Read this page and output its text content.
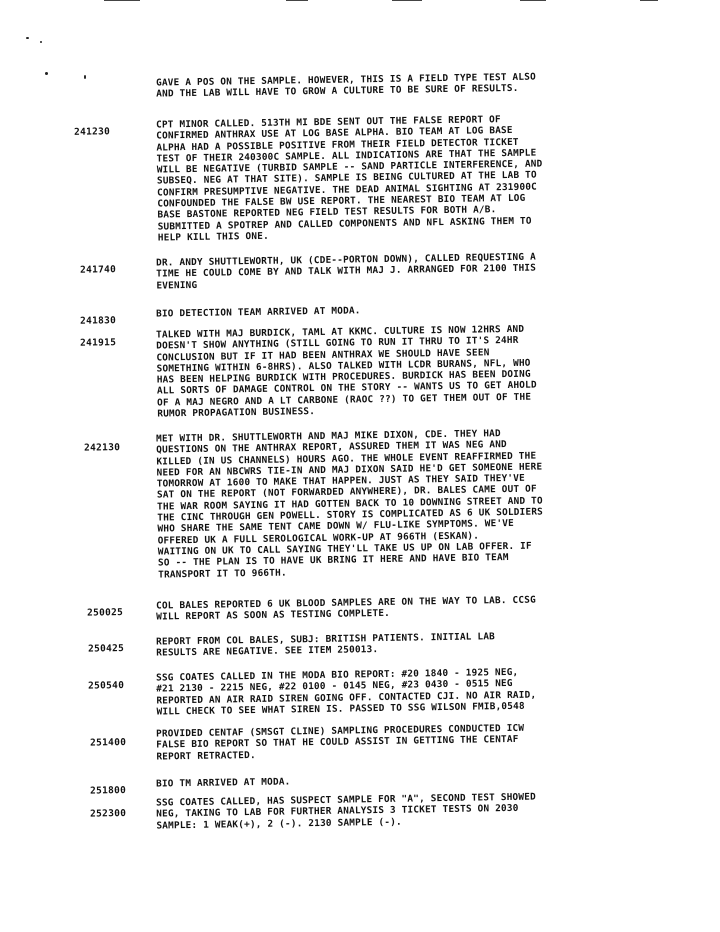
GAVE A POS ON THE SAMPLE. HOWEVER, THIS IS A FIELD TYPE TEST ALSO
AND THE LAB WILL HAVE TO GROW A CULTURE TO BE SURE OF RESULTS.
241230
CPT MINOR CALLED. 513TH MI BDE SENT OUT THE FALSE REPORT OF
CONFIRMED ANTHRAX USE AT LOG BASE ALPHA. BIO TEAM AT LOG BASE
ALPHA HAD A POSSIBLE POSITIVE FROM THEIR FIELD DETECTOR TICKET
TEST OF THEIR 240300C SAMPLE. ALL INDICATIONS ARE THAT THE SAMPLE
WILL BE NEGATIVE (TURBID SAMPLE -- SAND PARTICLE INTERFERENCE, AND
SUBSEQ. NEG AT THAT SITE). SAMPLE IS BEING CULTURED AT THE LAB TO
CONFIRM PRESUMPTIVE NEGATIVE. THE DEAD ANIMAL SIGHTING AT 231900C
CONFOUNDED THE FALSE BW USE REPORT. THE NEAREST BIO TEAM AT LOG
BASE BASTONE REPORTED NEG FIELD TEST RESULTS FOR BOTH A/B.
SUBMITTED A SPOTREP AND CALLED COMPONENTS AND NFL ASKING THEM TO
HELP KILL THIS ONE.
241740
DR. ANDY SHUTTLEWORTH, UK (CDE--PORTON DOWN), CALLED REQUESTING A
TIME HE COULD COME BY AND TALK WITH MAJ J. ARRANGED FOR 2100 THIS
EVENING
241830
BIO DETECTION TEAM ARRIVED AT MODA.
241915
TALKED WITH MAJ BURDICK, TAML AT KKMC. CULTURE IS NOW 12HRS AND
DOESN'T SHOW ANYTHING (STILL GOING TO RUN IT THRU TO IT'S 24HR
CONCLUSION BUT IF IT HAD BEEN ANTHRAX WE SHOULD HAVE SEEN
SOMETHING WITHIN 6-8HRS). ALSO TALKED WITH LCDR BURANS, NFL, WHO
HAS BEEN HELPING BURDICK WITH PROCEDURES. BURDICK HAS BEEN DOING
ALL SORTS OF DAMAGE CONTROL ON THE STORY -- WANTS US TO GET AHOLD
OF A MAJ NEGRO AND A LT CARBONE (RAOC ??) TO GET THEM OUT OF THE
RUMOR PROPAGATION BUSINESS.
242130
MET WITH DR. SHUTTLEWORTH AND MAJ MIKE DIXON, CDE. THEY HAD
QUESTIONS ON THE ANTHRAX REPORT, ASSURED THEM IT WAS NEG AND
KILLED (IN US CHANNELS) HOURS AGO. THE WHOLE EVENT REAFFIRMED THE
NEED FOR AN NBCWRS TIE-IN AND MAJ DIXON SAID HE'D GET SOMEONE HERE
TOMORROW AT 1600 TO MAKE THAT HAPPEN. JUST AS THEY SAID THEY'VE
SAT ON THE REPORT (NOT FORWARDED ANYWHERE), DR. BALES CAME OUT OF
THE WAR ROOM SAYING IT HAD GOTTEN BACK TO 10 DOWNING STREET AND TO
THE CINC THROUGH GEN POWELL. STORY IS COMPLICATED AS 6 UK SOLDIERS
WHO SHARE THE SAME TENT CAME DOWN W/ FLU-LIKE SYMPTOMS. WE'VE
OFFERED UK A FULL SEROLOGICAL WORK-UP AT 966TH (ESKAN).
WAITING ON UK TO CALL SAYING THEY'LL TAKE US UP ON LAB OFFER. IF
SO -- THE PLAN IS TO HAVE UK BRING IT HERE AND HAVE BIO TEAM
TRANSPORT IT TO 966TH.
250025
COL BALES REPORTED 6 UK BLOOD SAMPLES ARE ON THE WAY TO LAB. CCSG
WILL REPORT AS SOON AS TESTING COMPLETE.
250425
REPORT FROM COL BALES, SUBJ: BRITISH PATIENTS. INITIAL LAB
RESULTS ARE NEGATIVE. SEE ITEM 250013.
250540
SSG COATES CALLED IN THE MODA BIO REPORT: #20 1840 - 1925 NEG,
#21 2130 - 2215 NEG, #22 0100 - 0145 NEG, #23 0430 - 0515 NEG
REPORTED AN AIR RAID SIREN GOING OFF. CONTACTED CJI. NO AIR RAID,
WILL CHECK TO SEE WHAT SIREN IS. PASSED TO SSG WILSON FMIB,0548
251400
PROVIDED CENTAF (SMSGT CLINE) SAMPLING PROCEDURES CONDUCTED ICW
FALSE BIO REPORT SO THAT HE COULD ASSIST IN GETTING THE CENTAF
REPORT RETRACTED.
251800
BIO TM ARRIVED AT MODA.
252300
SSG COATES CALLED, HAS SUSPECT SAMPLE FOR "A", SECOND TEST SHOWED
NEG, TAKING TO LAB FOR FURTHER ANALYSIS 3 TICKET TESTS ON 2030
SAMPLE: 1 WEAK(+), 2 (-). 2130 SAMPLE (-).
